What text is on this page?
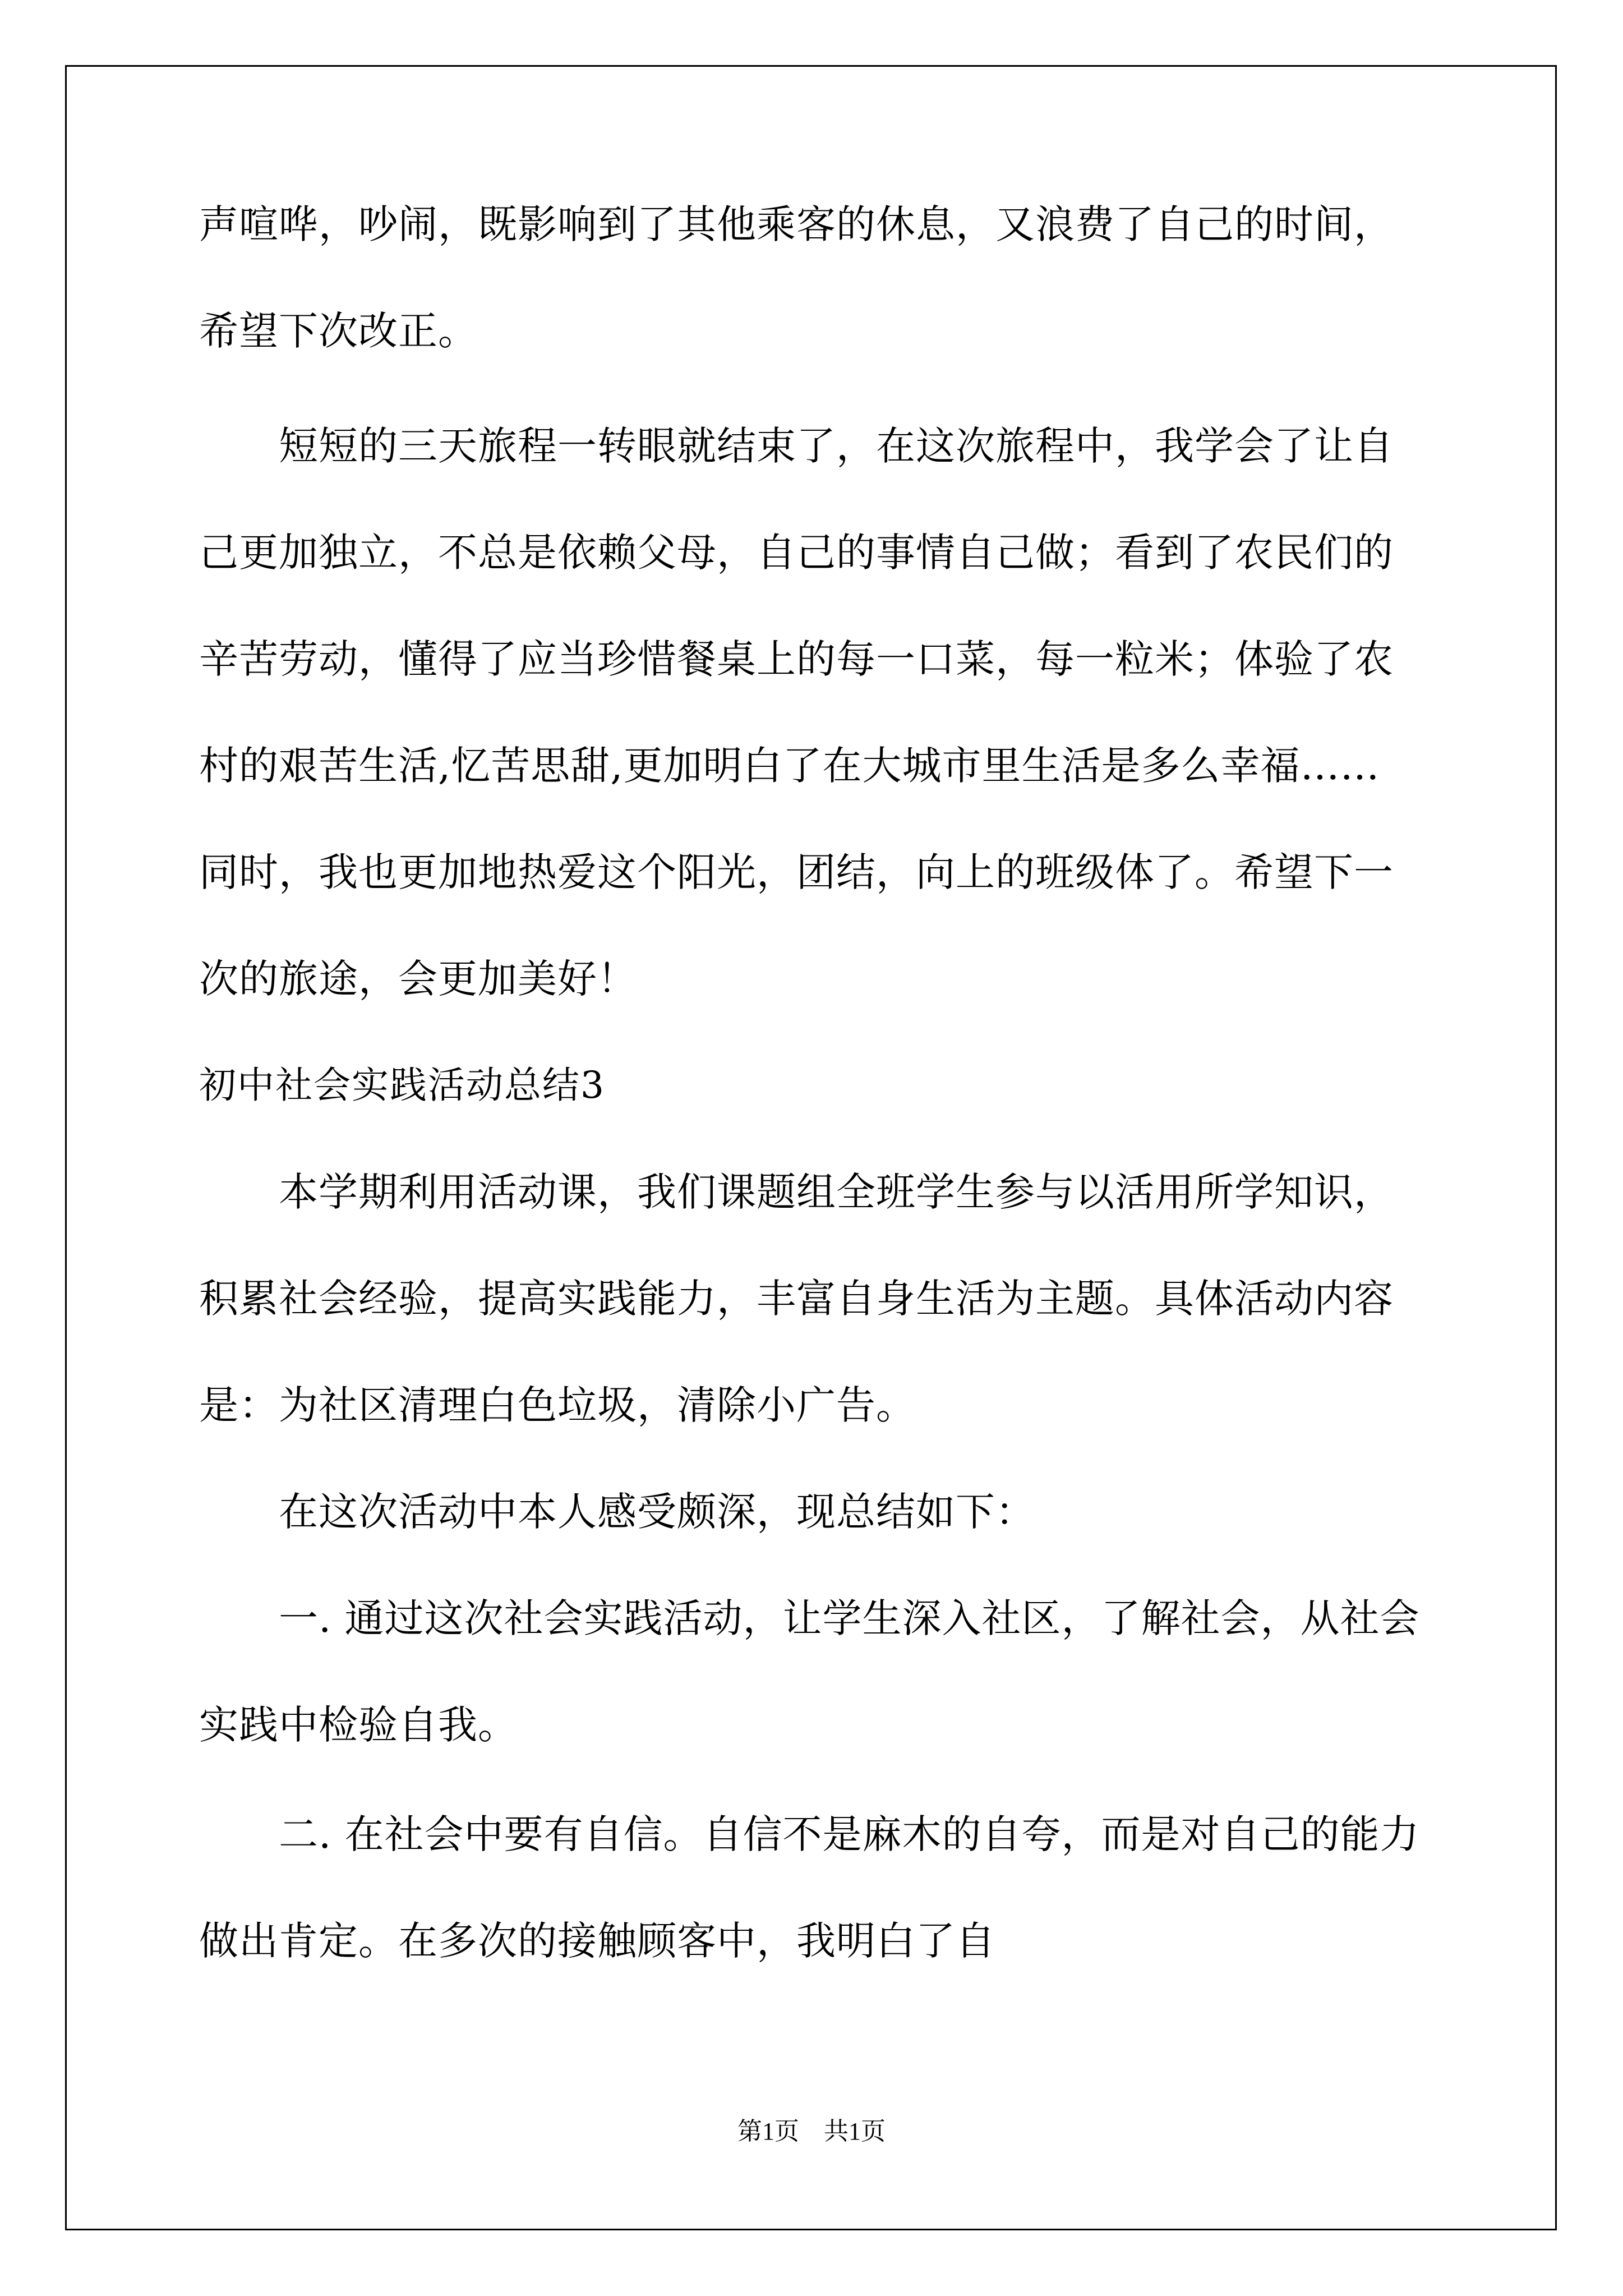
声喧哗，吵闹，既影响到了其他乘客的休息，又浪费了自己的时间，
希望下次改正。
　　短短的三天旅程一转眼就结束了，在这次旅程中，我学会了让自
己更加独立，不总是依赖父母，自己的事情自己做；看到了农民们的
辛苦劳动，懂得了应当珍惜餐桌上的每一口菜，每一粒米；体验了农
村的艰苦生活,忆苦思甜,更加明白了在大城市里生活是多么幸福……
同时，我也更加地热爱这个阳光，团结，向上的班级体了。希望下一
次的旅途，会更加美好！
初中社会实践活动总结3
　　本学期利用活动课，我们课题组全班学生参与以活用所学知识，
积累社会经验，提高实践能力，丰富自身生活为主题。具体活动内容
是：为社区清理白色垃圾，清除小广告。
　　在这次活动中本人感受颇深，现总结如下：
　　一. 通过这次社会实践活动，让学生深入社区，了解社会，从社会
实践中检验自我。
　　二. 在社会中要有自信。自信不是麻木的自夸，而是对自己的能力
做出肯定。在多次的接触顾客中，我明白了自
第1页　共1页
